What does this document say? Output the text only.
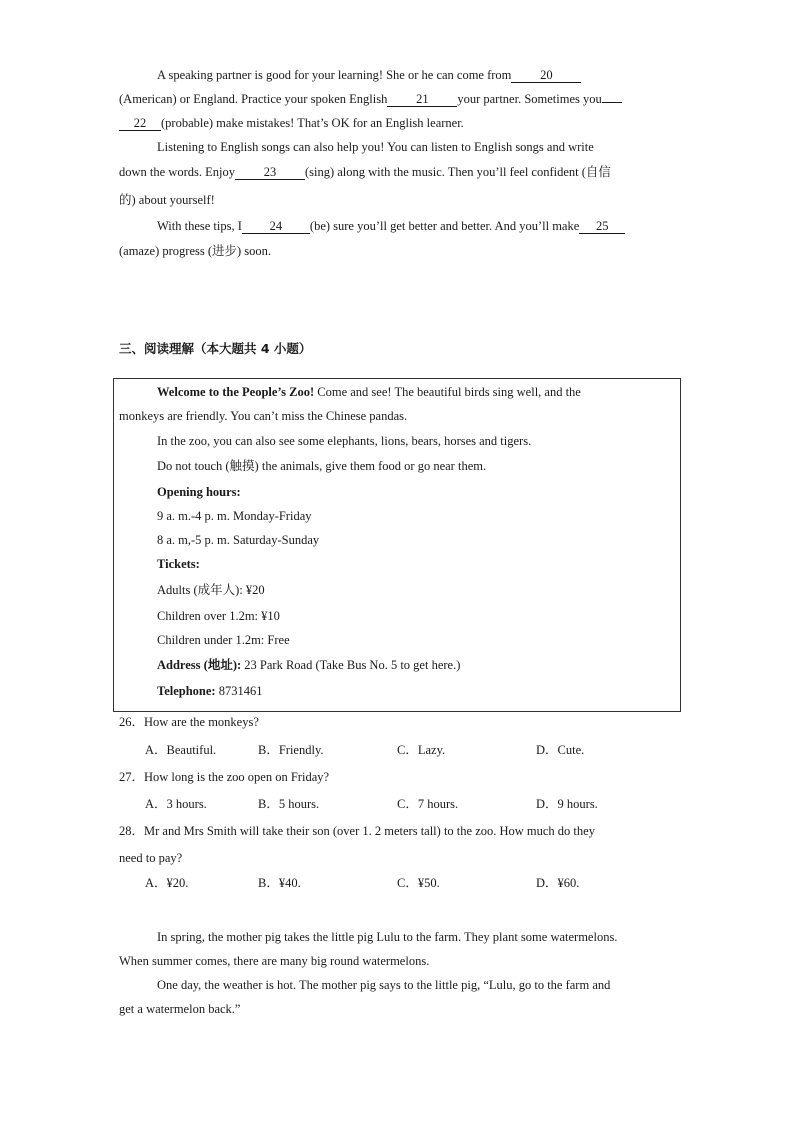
A speaking partner is good for your learning! She or he can come from 20
(American) or England. Practice your spoken English 21 your partner. Sometimes you
22 (probable) make mistakes! That’s OK for an English learner.
Listening to English songs can also help you! You can listen to English songs and write
down the words. Enjoy 23 (sing) along with the music. Then you’ll feel confident (自信
的) about yourself!
With these tips, I 24 (be) sure you’ll get better and better. And you’ll make 25
(amaze) progress (进步) soon.
三、阅读理解（本大题共 4 小题）
Welcome to the People’s Zoo! Come and see! The beautiful birds sing well, and the
monkeys are friendly. You can’t miss the Chinese pandas.
In the zoo, you can also see some elephants, lions, bears, horses and tigers.
Do not touch (触摸) the animals, give them food or go near them.
Opening hours:
9 a. m.-4 p. m. Monday-Friday
8 a. m,-5 p. m. Saturday-Sunday
Tickets:
Adults (成年人): ¥20
Children over 1.2m: ¥10
Children under 1.2m: Free
Address (地址): 23 Park Road (Take Bus No. 5 to get here.)
Telephone: 8731461
26．How are the monkeys?
A．Beautiful.	B．Friendly.	C．Lazy.	D．Cute.
27．How long is the zoo open on Friday?
A．3 hours.	B．5 hours.	C．7 hours.	D．9 hours.
28．Mr and Mrs Smith will take their son (over 1. 2 meters tall) to the zoo. How much do they
need to pay?
A．¥20.	B．¥40.	C．¥50.	D．¥60.
In spring, the mother pig takes the little pig Lulu to the farm. They plant some watermelons.
When summer comes, there are many big round watermelons.
One day, the weather is hot. The mother pig says to the little pig, “Lulu, go to the farm and
get a watermelon back.”
